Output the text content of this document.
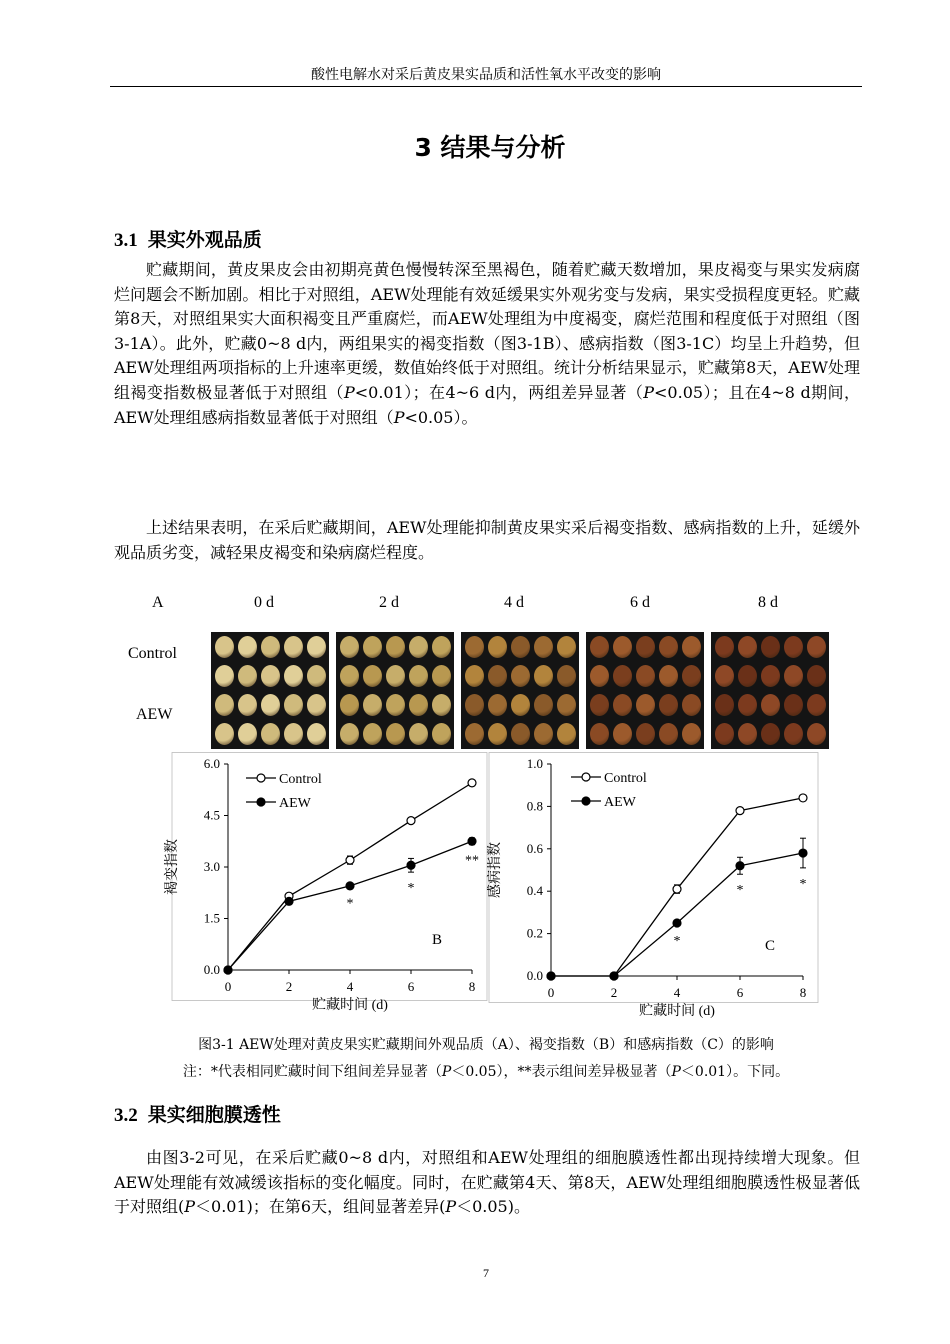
酸性电解水对采后黄皮果实品质和活性氧水平改变的影响
3 结果与分析
3.1 果实外观品质

贮藏期间，黄皮果皮会由初期亮黄色慢慢转深至黑褐色，随着贮藏天数增加，果皮褐变与果实发病腐烂问题会不断加剧。相比于对照组，AEW处理能有效延缓果实外观劣变与发病，果实受损程度更轻。贮藏第8天，对照组果实大面积褐变且严重腐烂，而AEW处理组为中度褐变，腐烂范围和程度低于对照组（图3-1A）。此外，贮藏0~8 d内，两组果实的褐变指数（图3-1B）、感病指数（图3-1C）均呈上升趋势，但AEW处理组两项指标的上升速率更缓，数值始终低于对照组。统计分析结果显示，贮藏第8天，AEW处理组褐变指数极显著低于对照组（P<0.01）；在4~6 d内，两组差异显著（P<0.05）；且在4~8 d期间，AEW处理组感病指数显著低于对照组（P<0.05）。

上述结果表明，在采后贮藏期间，AEW处理能抑制黄皮果实采后褐变指数、感病指数的上升，延缓外观品质劣变，减轻果皮褐变和染病腐烂程度。

A	0 d	2 d	4 d	6 d	8 d
Control
AEW
0.0
1.5
3.0
4.5
6.0
0	2	4	6	8
贮藏时间 (d)
褐变指数
Control
AEW
*
*
**
B
0.0
0.2
0.4
0.6
0.8
1.0
0	2	4	6	8
贮藏时间 (d)
感病指数
Control
AEW
*
*	*
C
图3-1 AEW处理对黄皮果实贮藏期间外观品质（A）、褐变指数（B）和感病指数（C）的影响
注：*代表相同贮藏时间下组间差异显著（P＜0.05），**表示组间差异极显著（P＜0.01）。下同。
3.2 果实细胞膜透性

由图3-2可见，在采后贮藏0~8 d内，对照组和AEW处理组的细胞膜透性都出现持续增大现象。但AEW处理能有效减缓该指标的变化幅度。同时，在贮藏第4天、第8天，AEW处理组细胞膜透性极显著低于对照组(P＜0.01)；在第6天，组间显著差异(P＜0.05)。

7
